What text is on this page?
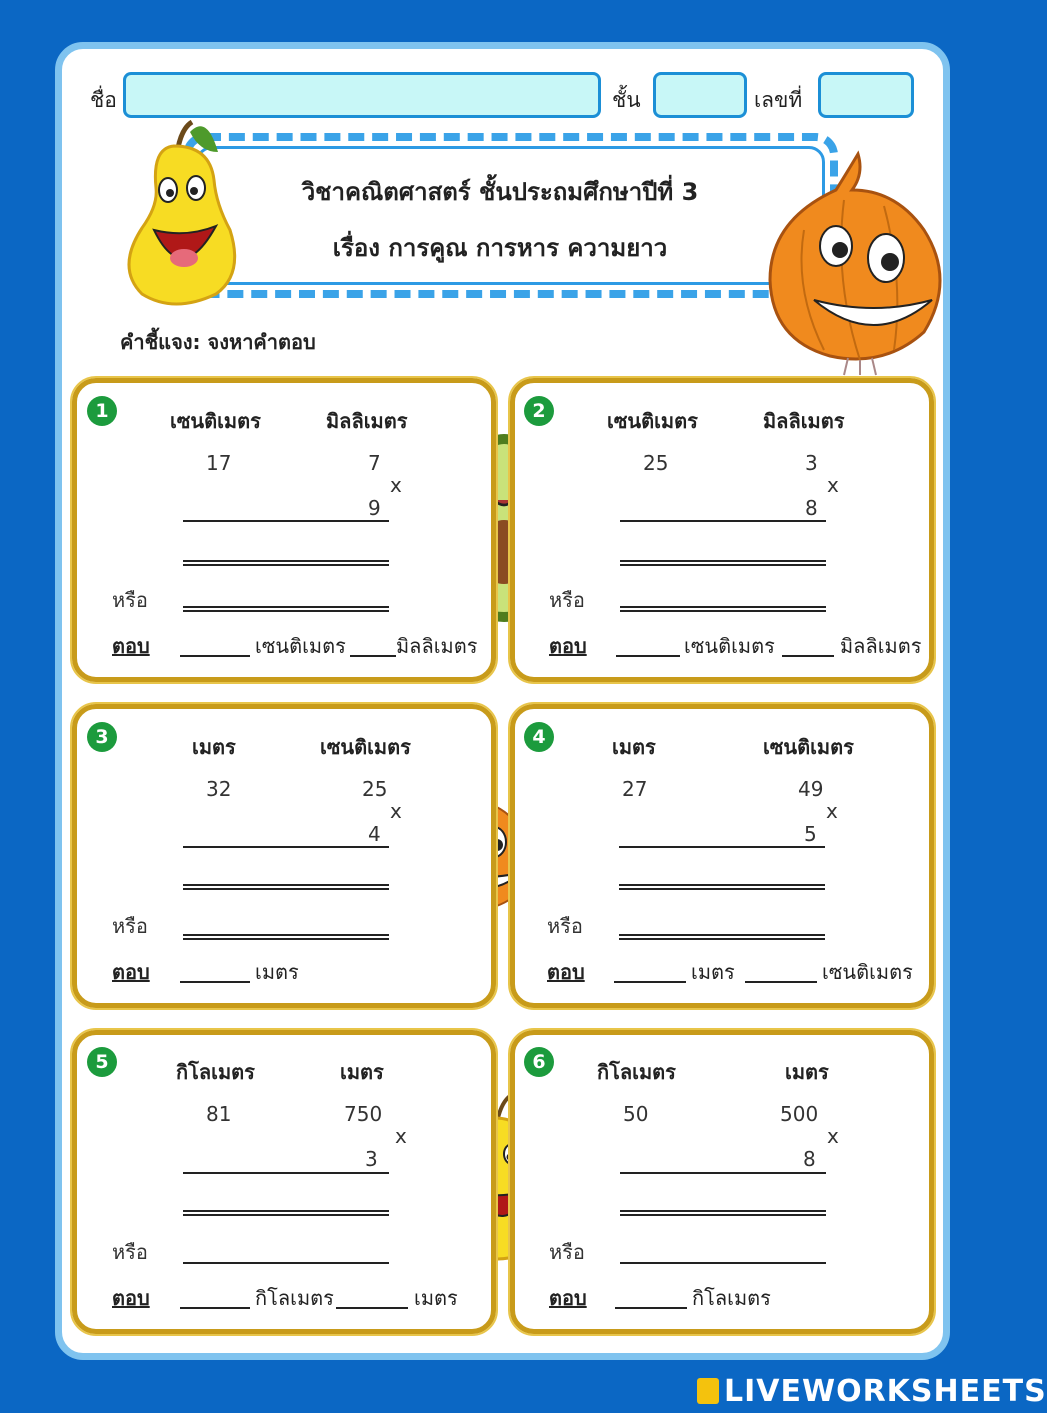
ชื่อ	ชั้น	เลขที่
วิชาคณิตศาสตร์ ชั้นประถมศึกษาปีที่ 3
เรื่อง การคูณ การหาร ความยาว
คำชี้แจง: จงหาคำตอบ
1	เซนติเมตร	มิลลิเมตร
17	7
x
9
หรือ
ตอบ	เซนติเมตร	มิลลิเมตร
2	เซนติเมตร	มิลลิเมตร
25	3
x
8
หรือ
ตอบ	เซนติเมตร	มิลลิเมตร
3	เมตร	เซนติเมตร
32	25
x
4
หรือ
ตอบ	เมตร
4	เมตร	เซนติเมตร
27	49
x
5
หรือ
ตอบ	เมตร	เซนติเมตร
5	กิโลเมตร	เมตร
81	750
x
3
หรือ
ตอบ	กิโลเมตร	เมตร
6	กิโลเมตร	เมตร
50	500
x
8
หรือ
ตอบ	กิโลเมตร
LIVEWORKSHEETS
